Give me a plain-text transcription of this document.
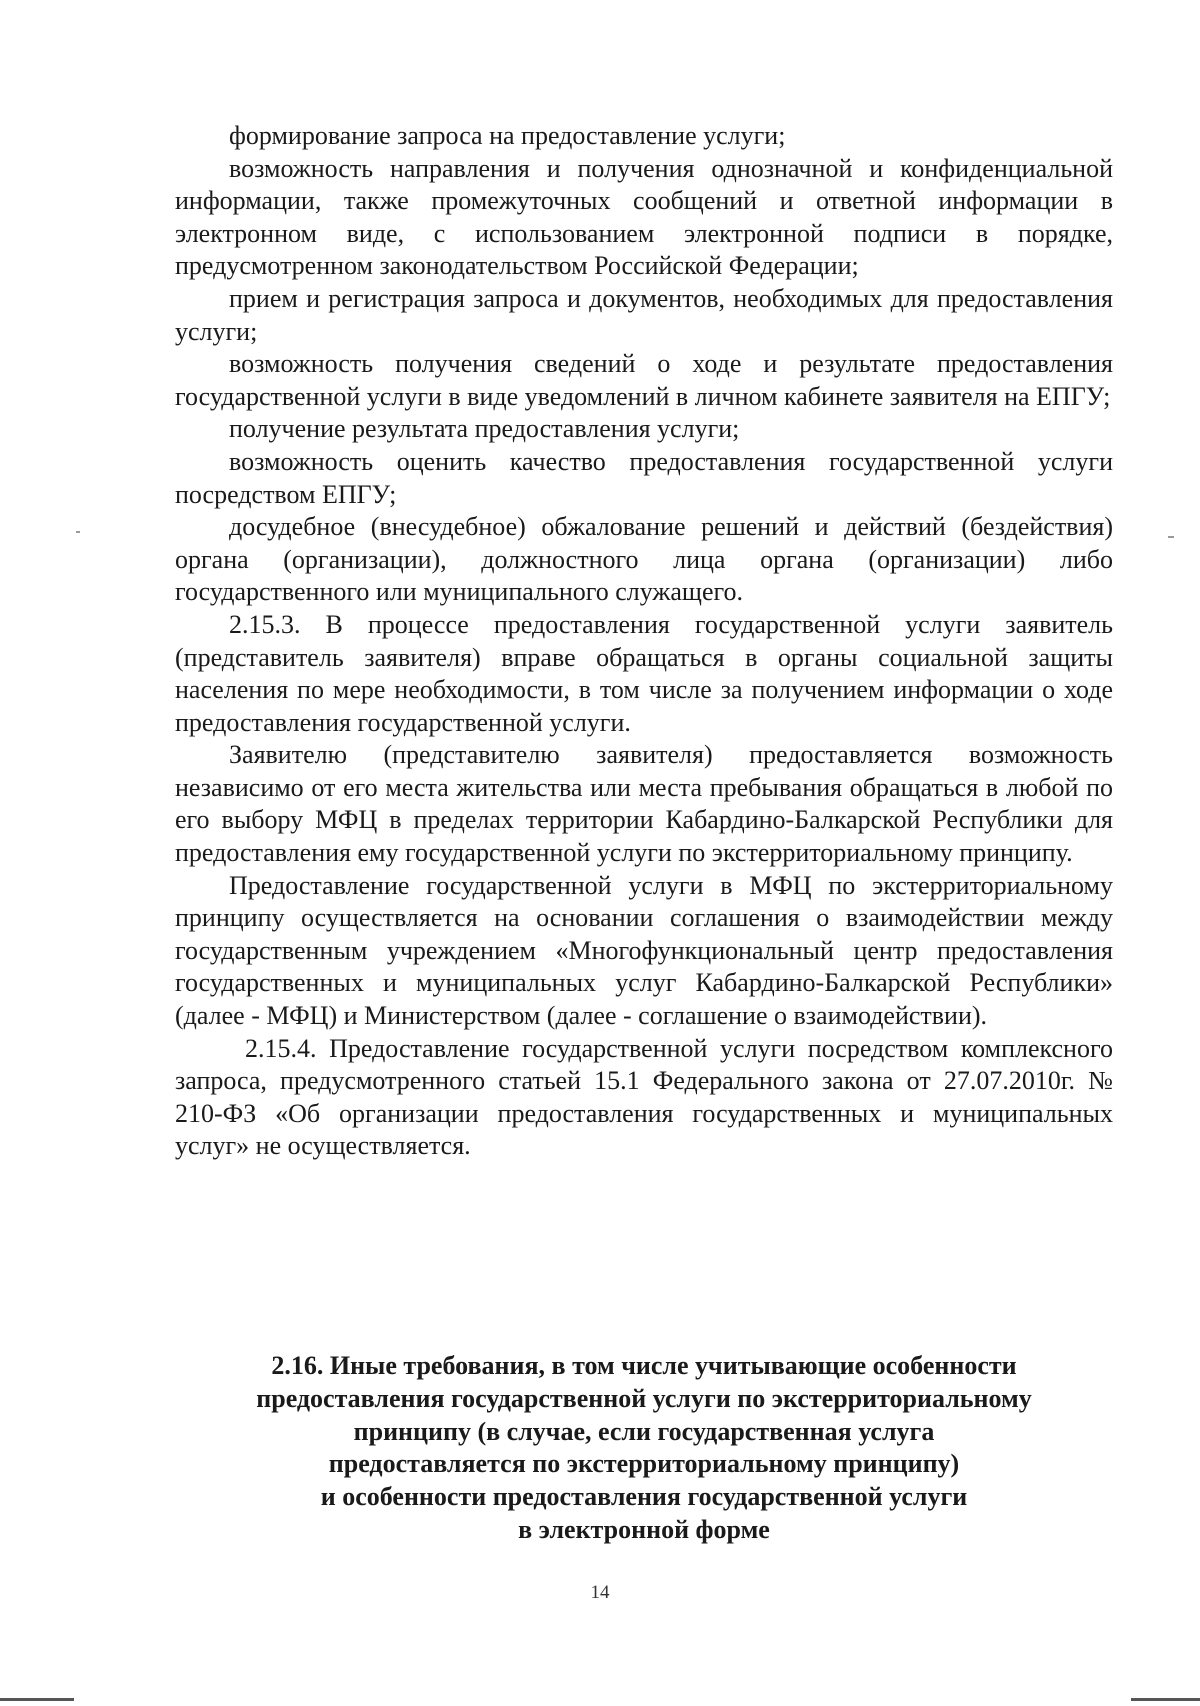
формирование запроса на предоставление услуги;

возможность направления и получения однозначной и конфиденциальной информации, также промежуточных сообщений и ответной информации в электронном виде, с использованием электронной подписи в порядке, предусмотренном законодательством Российской Федерации;

прием и регистрация запроса и документов, необходимых для предоставления услуги;

возможность получения сведений о ходе и результате предоставления государственной услуги в виде уведомлений в личном кабинете заявителя на ЕПГУ;

получение результата предоставления услуги;

возможность оценить качество предоставления государственной услуги посредством ЕПГУ;

досудебное (внесудебное) обжалование решений и действий (бездействия) органа (организации), должностного лица органа (организации) либо государственного или муниципального служащего.

2.15.3. В процессе предоставления государственной услуги заявитель (представитель заявителя) вправе обращаться в органы социальной защиты населения по мере необходимости, в том числе за получением информации о ходе предоставления государственной услуги.

Заявителю (представителю заявителя) предоставляется возможность независимо от его места жительства или места пребывания обращаться в любой по его выбору МФЦ в пределах территории Кабардино-Балкарской Республики для предоставления ему государственной услуги по экстерриториальному принципу.

Предоставление государственной услуги в МФЦ по экстерриториальному принципу осуществляется на основании соглашения о взаимодействии между государственным учреждением «Многофункциональный центр предоставления государственных и муниципальных услуг Кабардино-Балкарской Республики» (далее - МФЦ) и Министерством (далее - соглашение о взаимодействии).

2.15.4. Предоставление государственной услуги посредством комплексного запроса, предусмотренного статьей 15.1 Федерального закона от 27.07.2010г. № 210-ФЗ «Об организации предоставления государственных и муниципальных услуг» не осуществляется.

2.16. Иные требования, в том числе учитывающие особенности
предоставления государственной услуги по экстерриториальному
принципу (в случае, если государственная услуга
предоставляется по экстерриториальному принципу)
и особенности предоставления государственной услуги
в электронной форме
14
